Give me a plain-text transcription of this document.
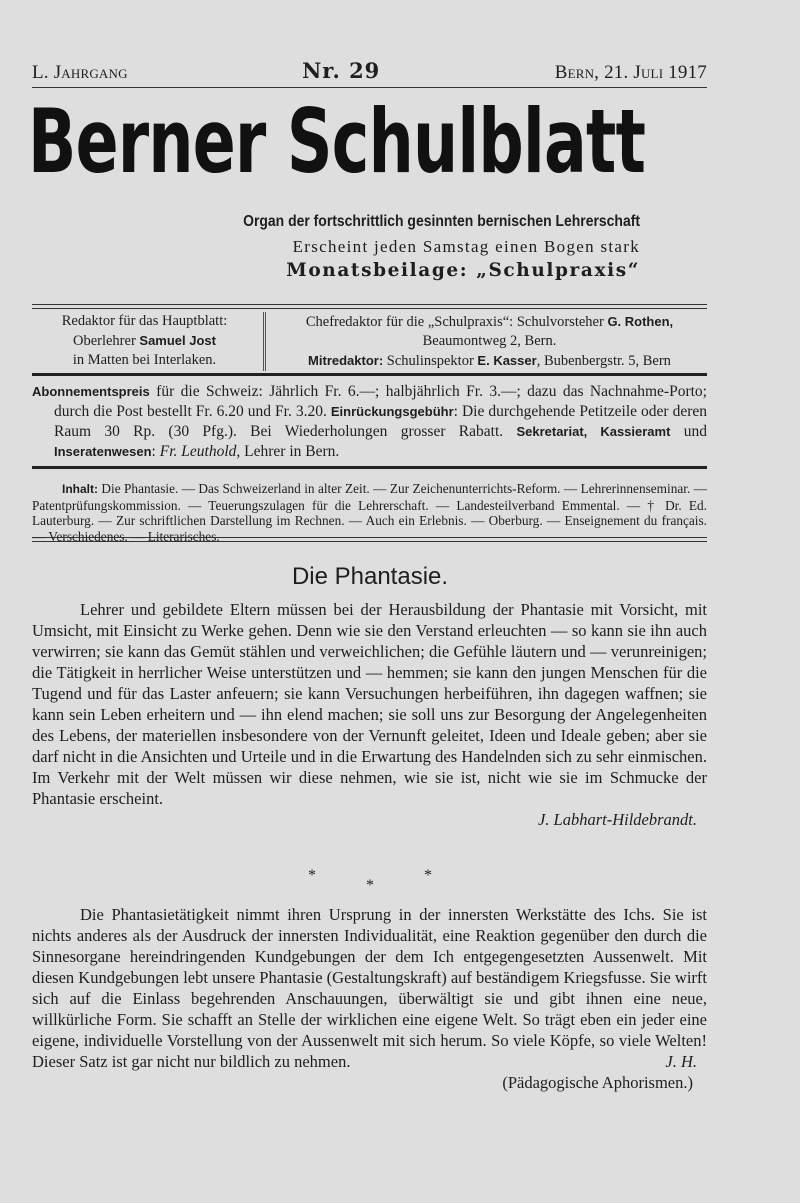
L. Jahrgang	Nr. 29	Bern, 21. Juli 1917
Berner Schulblatt
Organ der fortschrittlich gesinnten bernischen Lehrerschaft
Erscheint jeden Samstag einen Bogen stark
Monatsbeilage: „Schulpraxis“
Redaktor für das Hauptblatt:
Oberlehrer Samuel Jost
in Matten bei Interlaken.
Chefredaktor für die „Schulpraxis“: Schulvorsteher G. Rothen,
Beaumontweg 2, Bern.
Mitredaktor: Schulinspektor E. Kasser, Bubenbergstr. 5, Bern

Abonnementspreis für die Schweiz: Jährlich Fr. 6.—; halbjährlich Fr. 3.—; dazu das Nachnahme-Porto; durch die Post bestellt Fr. 6.20 und Fr. 3.20. Einrückungsgebühr: Die durchgehende Petitzeile oder deren Raum 30 Rp. (30 Pfg.). Bei Wiederholungen grosser Rabatt. Sekretariat, Kassieramt und Inseratenwesen: Fr. Leuthold, Lehrer in Bern.

Inhalt: Die Phantasie. — Das Schweizerland in alter Zeit. — Zur Zeichenunterrichts-Reform. — Lehrerinnenseminar. — Patentprüfungskommission. — Teuerungszulagen für die Lehrerschaft. — Landesteilverband Emmental. — † Dr. Ed. Lauterburg. — Zur schriftlichen Darstellung im Rechnen. — Auch ein Erlebnis. — Oberburg. — Enseignement du français. — Verschiedenes. — Literarisches.

Die Phantasie.

Lehrer und gebildete Eltern müssen bei der Herausbildung der Phantasie mit Vorsicht, mit Umsicht, mit Einsicht zu Werke gehen. Denn wie sie den Verstand erleuchten — so kann sie ihn auch verwirren; sie kann das Gemüt stählen und verweichlichen; die Gefühle läutern und — verunreinigen; die Tätigkeit in herrlicher Weise unterstützen und — hemmen; sie kann den jungen Menschen für die Tugend und für das Laster anfeuern; sie kann Versuchungen herbeiführen, ihn dagegen waffnen; sie kann sein Leben erheitern und — ihn elend machen; sie soll uns zur Besorgung der Angelegenheiten des Lebens, der materiellen insbesondere von der Vernunft geleitet, Ideen und Ideale geben; aber sie darf nicht in die Ansichten und Urteile und in die Erwartung des Handelnden sich zu sehr einmischen. Im Verkehr mit der Welt müssen wir diese nehmen, wie sie ist, nicht wie sie im Schmucke der Phantasie erscheint.

J. Labhart-Hildebrandt.
*
*
*

Die Phantasietätigkeit nimmt ihren Ursprung in der innersten Werkstätte des Ichs. Sie ist nichts anderes als der Ausdruck der innersten Individualität, eine Reaktion gegenüber den durch die Sinnesorgane hereindringenden Kundgebungen der dem Ich entgegengesetzten Aussenwelt. Mit diesen Kundgebungen lebt unsere Phantasie (Gestaltungskraft) auf beständigem Kriegsfusse. Sie wirft sich auf die Einlass begehrenden Anschauungen, überwältigt sie und gibt ihnen eine neue, willkürliche Form. Sie schafft an Stelle der wirklichen eine eigene Welt. So trägt eben ein jeder eine eigene, individuelle Vorstellung von der Aussenwelt mit sich herum. So viele Köpfe, so viele Welten! Dieser Satz ist gar nicht nur bildlich zu nehmen.	J. H.
(Pädagogische Aphorismen.)
